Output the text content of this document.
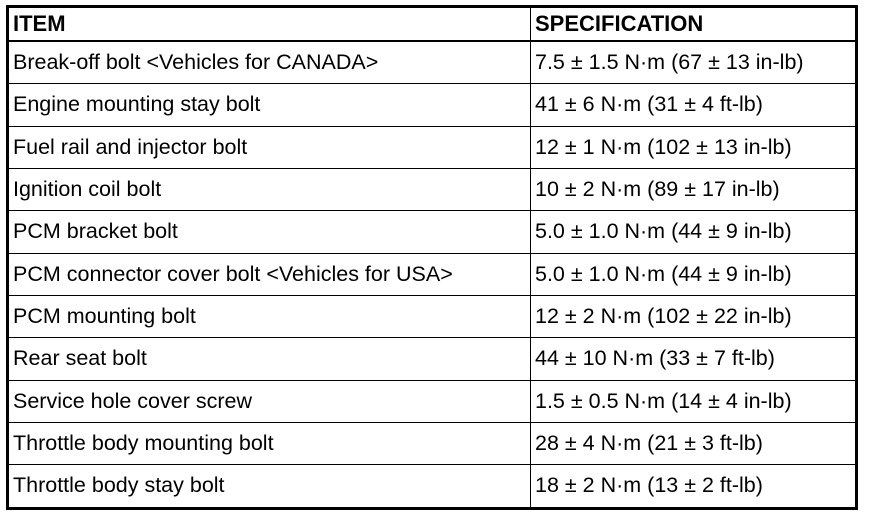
ITEM	SPECIFICATION
Break-off bolt <Vehicles for CANADA>	7.5 ± 1.5 N·m (67 ± 13 in-lb)
Engine mounting stay bolt	41 ± 6 N·m (31 ± 4 ft-lb)
Fuel rail and injector bolt	12 ± 1 N·m (102 ± 13 in-lb)
Ignition coil bolt	10 ± 2 N·m (89 ± 17 in-lb)
PCM bracket bolt	5.0 ± 1.0 N·m (44 ± 9 in-lb)
PCM connector cover bolt <Vehicles for USA>	5.0 ± 1.0 N·m (44 ± 9 in-lb)
PCM mounting bolt	12 ± 2 N·m (102 ± 22 in-lb)
Rear seat bolt	44 ± 10 N·m (33 ± 7 ft-lb)
Service hole cover screw	1.5 ± 0.5 N·m (14 ± 4 in-lb)
Throttle body mounting bolt	28 ± 4 N·m (21 ± 3 ft-lb)
Throttle body stay bolt	18 ± 2 N·m (13 ± 2 ft-lb)
